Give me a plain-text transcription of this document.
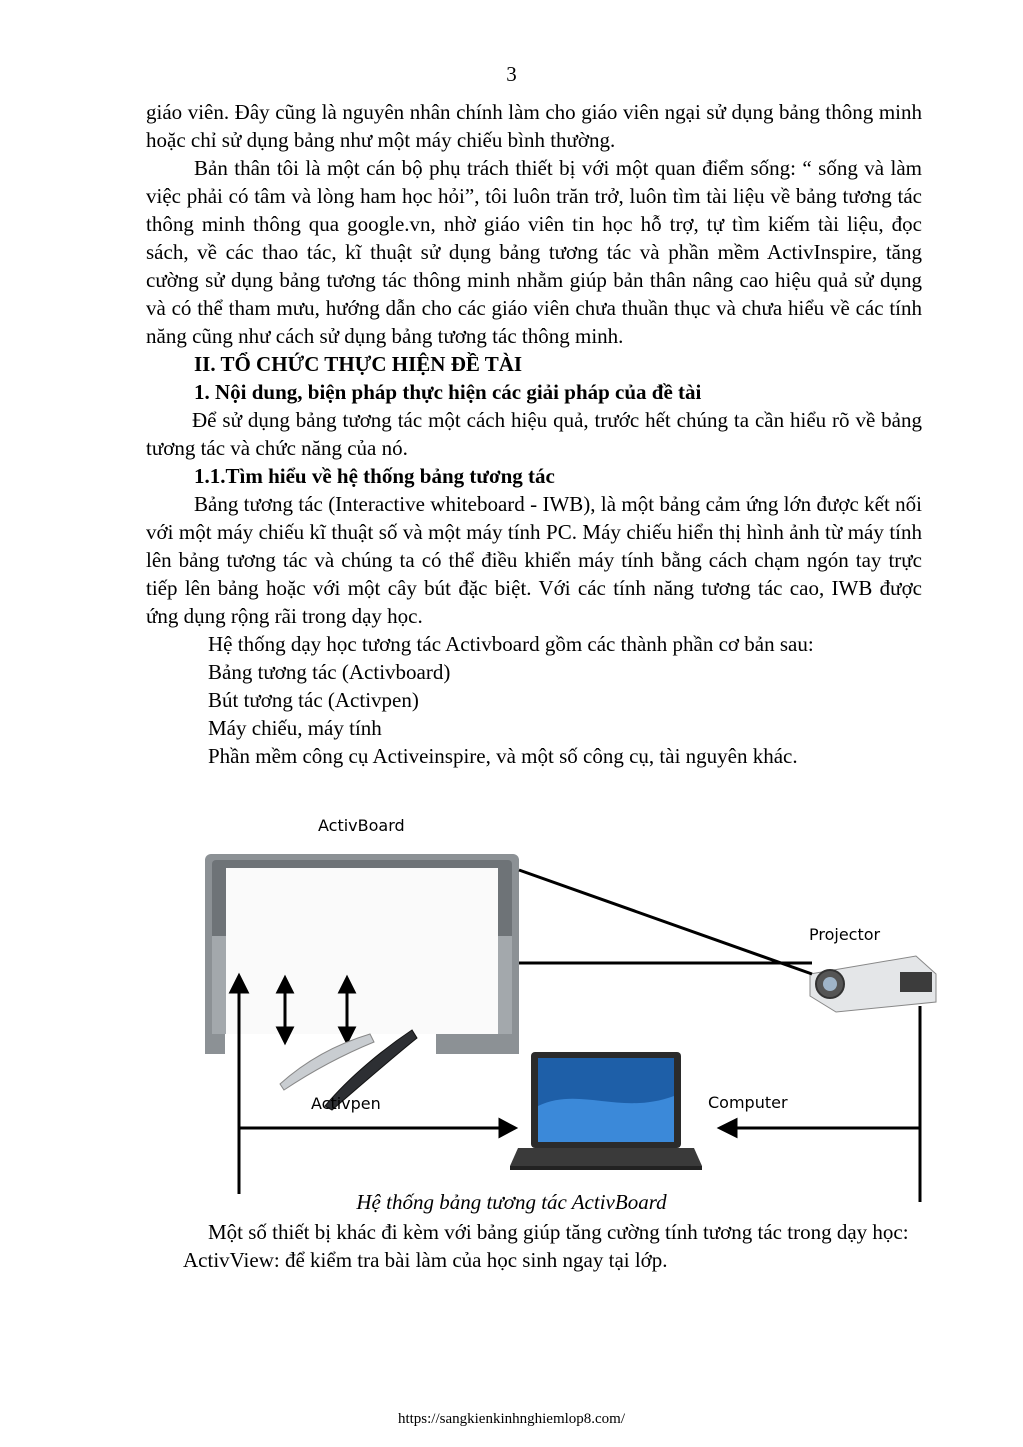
3

giáo viên. Đây cũng là nguyên nhân chính làm cho giáo viên ngại sử dụng bảng thông minh hoặc chỉ sử dụng bảng như một máy chiếu bình thường.

Bản thân tôi là một cán bộ phụ trách thiết bị với một quan điểm sống: “ sống và làm việc phải có tâm và lòng ham học hỏi”, tôi luôn trăn trở, luôn tìm tài liệu về bảng tương tác thông minh thông qua google.vn, nhờ giáo viên tin học hỗ trợ, tự tìm kiếm tài liệu, đọc sách, về các thao tác, kĩ thuật sử dụng bảng tương tác và phần mềm ActivInspire, tăng cường sử dụng bảng tương tác thông minh nhằm giúp bản thân nâng cao hiệu quả sử dụng và có thể tham mưu, hướng dẫn cho các giáo viên chưa thuần thục và chưa hiểu về các tính năng cũng như cách sử dụng bảng tương tác thông minh.

II. TỔ CHỨC THỰC HIỆN ĐỀ TÀI

1. Nội dung, biện pháp thực hiện các giải pháp của đề tài

Để sử dụng bảng tương tác một cách hiệu quả, trước hết chúng ta cần hiểu rõ về bảng tương tác và chức năng của nó.

1.1.Tìm hiểu về hệ thống bảng tương tác

Bảng tương tác (Interactive whiteboard - IWB), là một bảng cảm ứng lớn được kết nối với một máy chiếu kĩ thuật số và một máy tính PC. Máy chiếu hiển thị hình ảnh từ máy tính lên bảng tương tác và chúng ta có thể điều khiển máy tính bằng cách chạm ngón tay trực tiếp lên bảng hoặc với một cây bút đặc biệt. Với các tính năng tương tác cao, IWB được ứng dụng rộng rãi trong dạy học.

Hệ thống dạy học tương tác Activboard gồm các thành phần cơ bản sau:

Bảng tương tác (Activboard)

Bút tương tác (Activpen)

Máy chiếu, máy tính

Phần mềm công cụ Activeinspire, và một số công cụ, tài nguyên khác.

ActivBoard
Projector
Activpen	Computer
Hệ thống bảng tương tác ActivBoard

Một số thiết bị khác đi kèm với bảng giúp tăng cường tính tương tác trong dạy học:

ActivView: để kiểm tra bài làm của học sinh ngay tại lớp.

https://sangkienkinhnghiemlop8.com/
